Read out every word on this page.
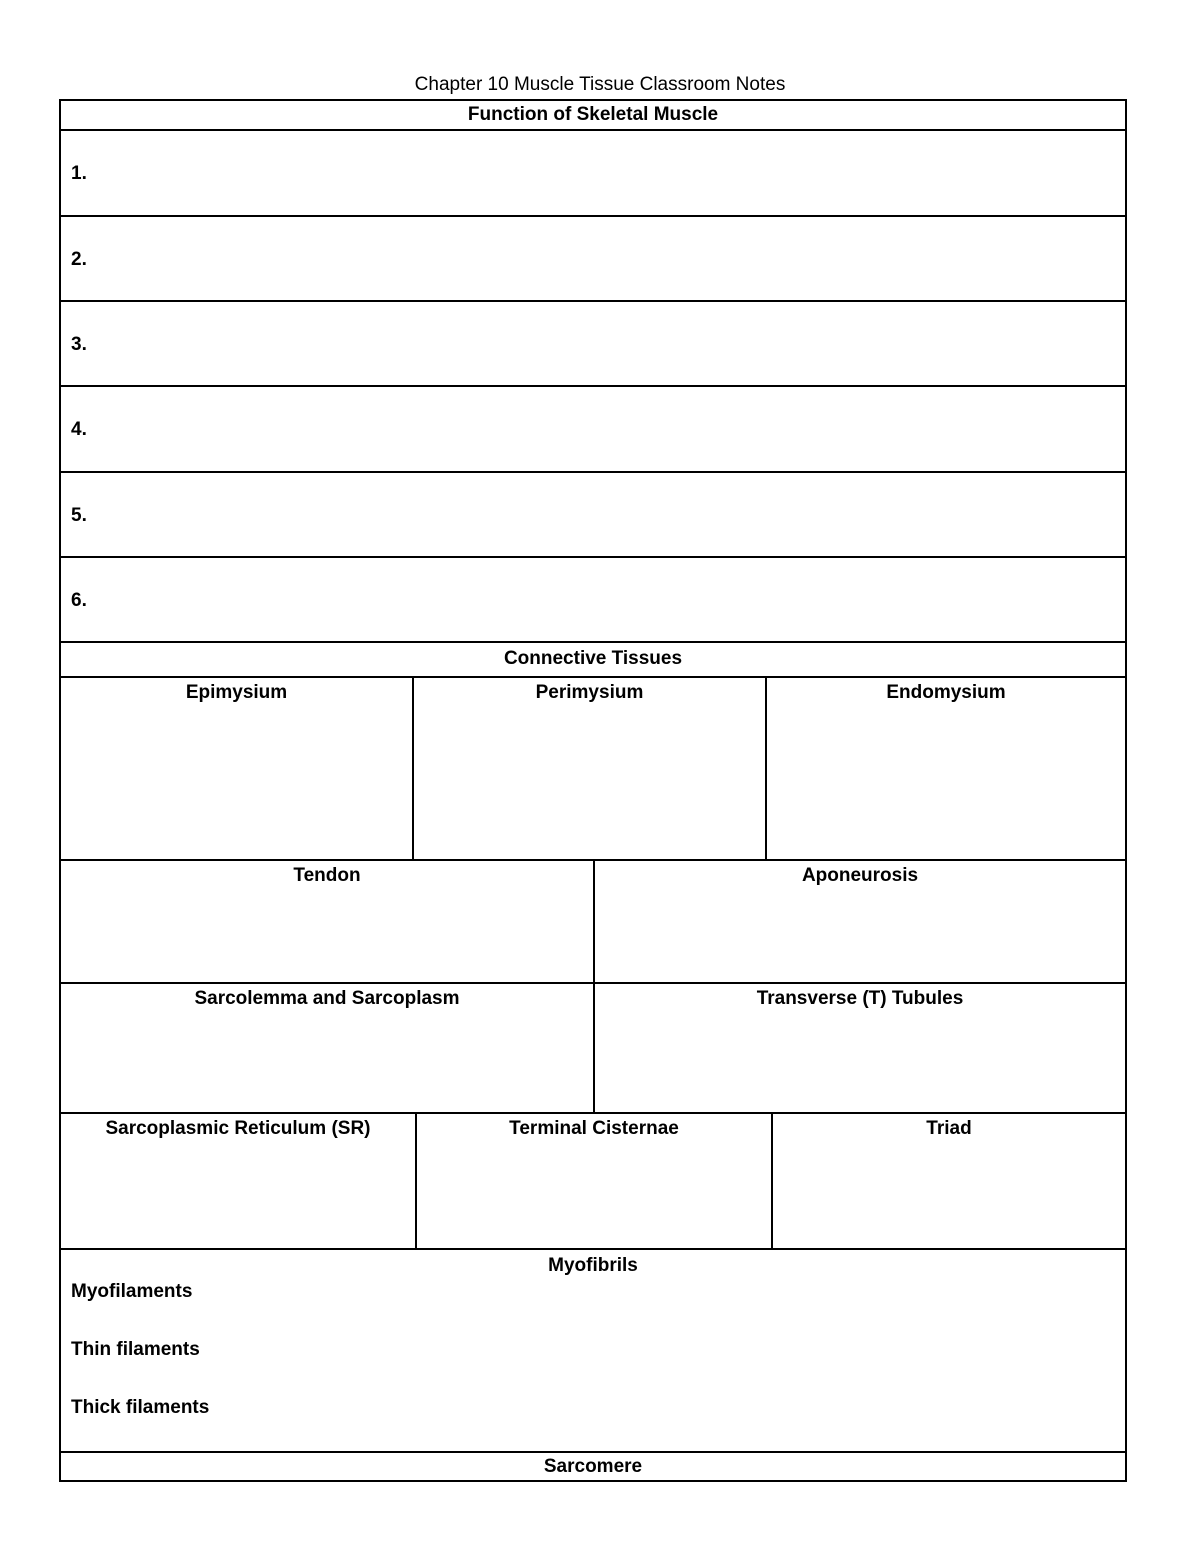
Chapter 10 Muscle Tissue Classroom Notes
Function of Skeletal Muscle
1.
2.
3.
4.
5.
6.
Connective Tissues
Epimysium	Perimysium	Endomysium
Tendon	Aponeurosis
Sarcolemma and Sarcoplasm	Transverse (T) Tubules
Sarcoplasmic Reticulum (SR)	Terminal Cisternae	Triad
Myofibrils
Myofilaments
Thin filaments
Thick filaments
Sarcomere
